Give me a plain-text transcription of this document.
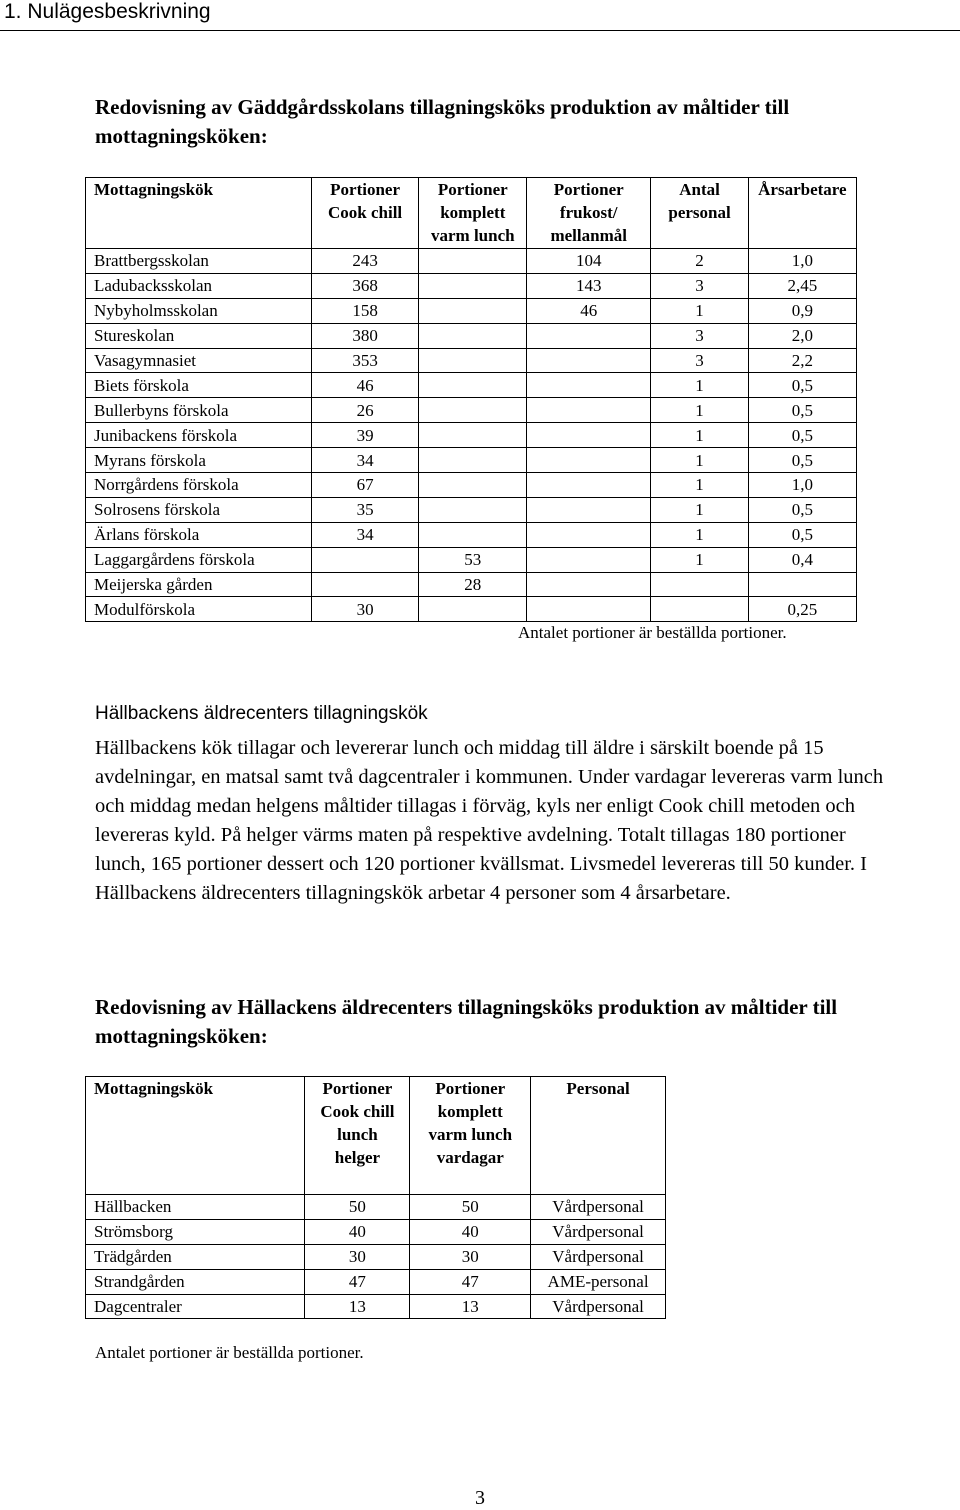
1. Nulägesbeskrivning
Redovisning av Gäddgårdsskolans tillagningsköks produktion av måltider till mottagningsköken:
Mottagningskök	Portioner Cook chill	Portioner komplett varm lunch	Portioner frukost/ mellanmål	Antal personal	Årsarbetare
Brattbergsskolan	243		104	2	1,0
Ladubacksskolan	368		143	3	2,45
Nybyholmsskolan	158		46	1	0,9
Stureskolan	380			3	2,0
Vasagymnasiet	353			3	2,2
Biets förskola	46			1	0,5
Bullerbyns förskola	26			1	0,5
Junibackens förskola	39			1	0,5
Myrans förskola	34			1	0,5
Norrgårdens förskola	67			1	1,0
Solrosens förskola	35			1	0,5
Ärlans förskola	34			1	0,5
Laggargårdens förskola		53		1	0,4
Meijerska gården		28			
Modulförskola	30				0,25
Antalet portioner är beställda portioner.
Hällbackens äldrecenters tillagningskök
Hällbackens kök tillagar och levererar lunch och middag till äldre i särskilt boende på 15 avdelningar, en matsal samt två dagcentraler i kommunen. Under vardagar levereras varm lunch och middag medan helgens måltider tillagas i förväg, kyls ner enligt Cook chill metoden och levereras kyld. På helger värms maten på respektive avdelning. Totalt tillagas 180 portioner lunch, 165 portioner dessert och 120 portioner kvällsmat. Livsmedel levereras till 50 kunder. I Hällbackens äldrecenters tillagningskök arbetar 4 personer som 4 årsarbetare.
Redovisning av Hällackens äldrecenters tillagningsköks produktion av måltider till mottagningsköken:
Mottagningskök	Portioner Cook chill lunch helger	Portioner komplett varm lunch vardagar	Personal
Hällbacken	50	50	Vårdpersonal
Strömsborg	40	40	Vårdpersonal
Trädgården	30	30	Vårdpersonal
Strandgården	47	47	AME-personal
Dagcentraler	13	13	Vårdpersonal
Antalet portioner är beställda portioner.
3
